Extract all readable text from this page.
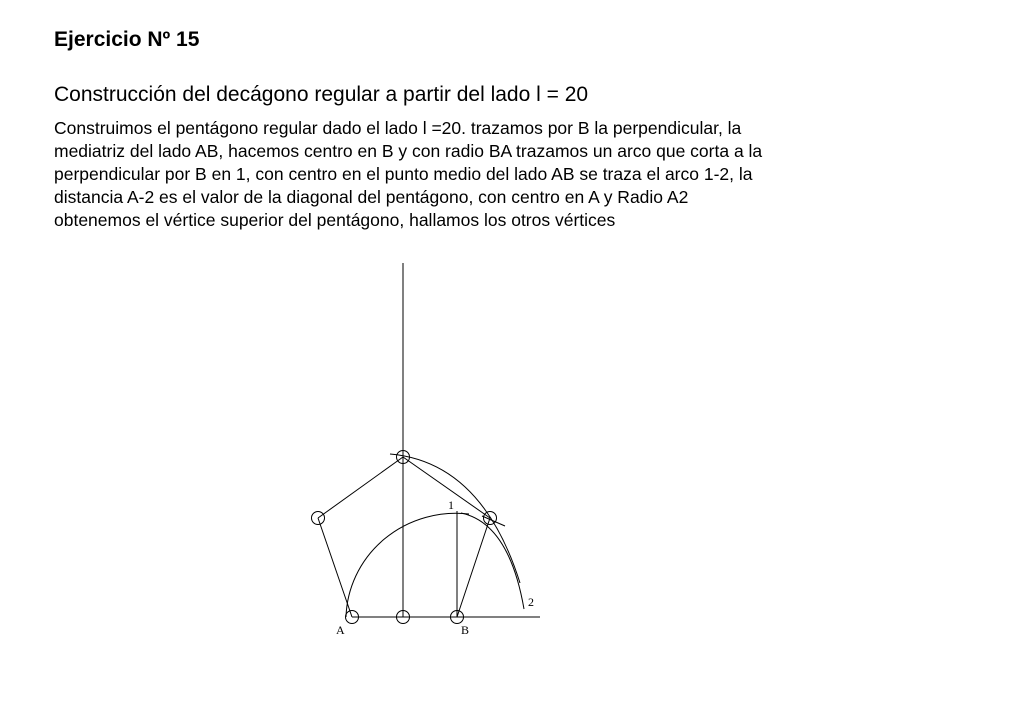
Ejercicio Nº 15
Construcción del decágono regular a partir del lado l = 20

Construimos el pentágono regular dado el lado l =20. trazamos por B la perpendicular, la
mediatriz del lado AB, hacemos centro en B y con radio BA trazamos un arco que corta a la
perpendicular por B en 1, con centro en el punto medio del lado AB se traza el arco 1-2, la
distancia A-2 es el valor de la diagonal del pentágono, con centro en A y Radio A2
obtenemos el vértice superior del pentágono, hallamos los otros vértices

A	B
1
2
